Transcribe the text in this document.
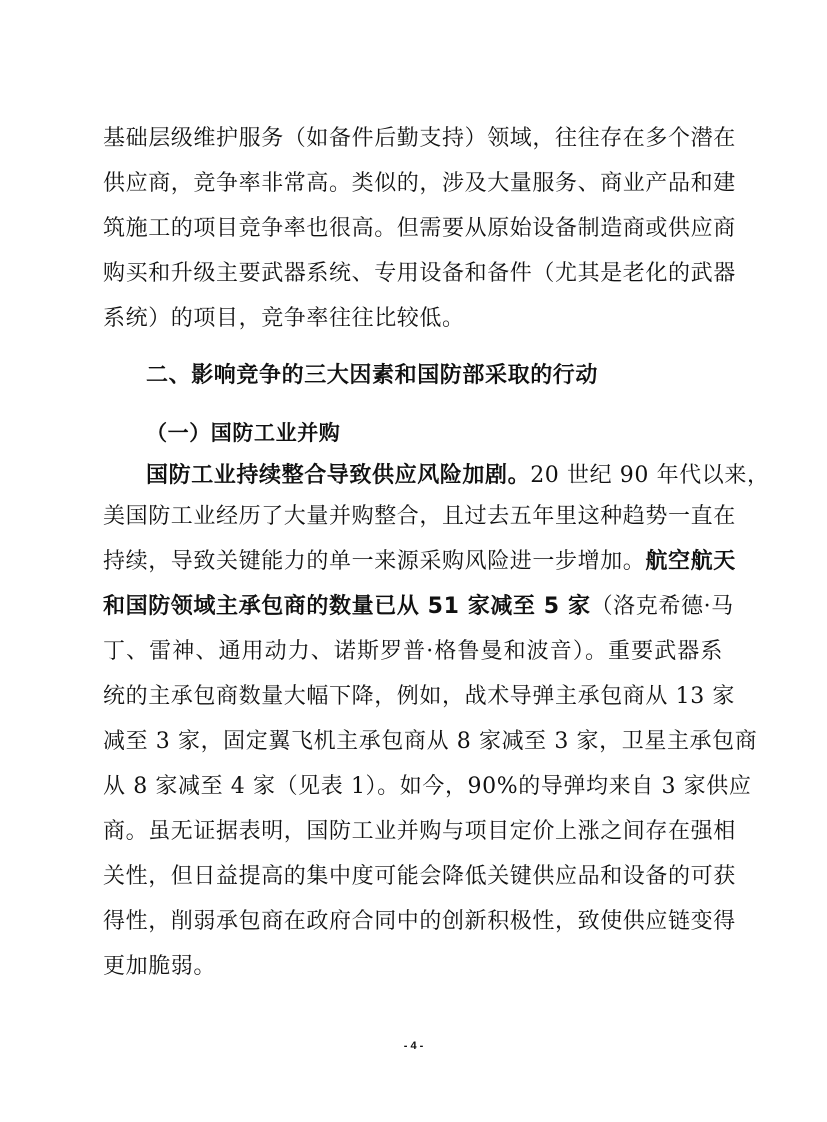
基础层级维护服务（如备件后勤支持）领域，往往存在多个潜在
供应商，竞争率非常高。类似的，涉及大量服务、商业产品和建
筑施工的项目竞争率也很高。但需要从原始设备制造商或供应商
购买和升级主要武器系统、专用设备和备件（尤其是老化的武器
系统）的项目，竞争率往往比较低。
二、影响竞争的三大因素和国防部采取的行动
（一）国防工业并购
国防工业持续整合导致供应风险加剧。 20 世纪 90 年代以来，
美国防工业经历了大量并购整合，且过去五年里这种趋势一直在
持续，导致关键能力的单一来源采购风险进一步增加。 航空航天
和国防领域主承包商的数量已从 51 家减至 5 家 （洛克希德·马
丁、雷神、通用动力、诺斯罗普·格鲁曼和波音）。重要武器系
统的主承包商数量大幅下降，例如，战术导弹主承包商从 13 家
减至 3 家，固定翼飞机主承包商从 8 家减至 3 家，卫星主承包商
从 8 家减至 4 家（见表 1）。如今，90%的导弹均来自 3 家供应
商。虽无证据表明，国防工业并购与项目定价上涨之间存在强相
关性，但日益提高的集中度可能会降低关键供应品和设备的可获
得性，削弱承包商在政府合同中的创新积极性，致使供应链变得
更加脆弱。
- 4 -
